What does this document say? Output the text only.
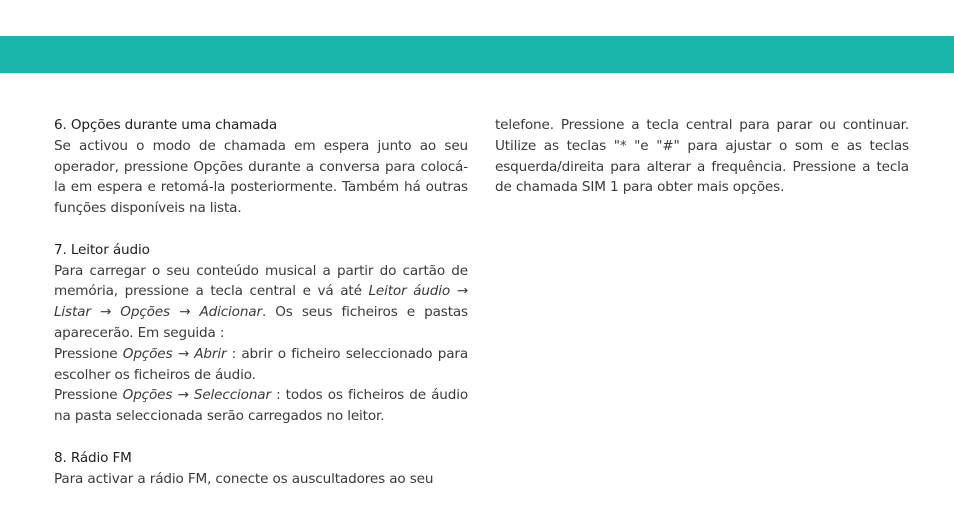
6. Opções durante uma chamada

Se activou o modo de chamada em espera junto ao seu operador, pressione Opções durante a conversa para colocá-la em espera e retomá-la posteriormente. Também há outras funções disponíveis na lista.

7. Leitor áudio

Para carregar o seu conteúdo musical a partir do cartão de memória, pressione a tecla central e vá até Leitor áudio → Listar → Opções → Adicionar. Os seus ficheiros e pastas aparecerão. Em seguida :

Pressione Opções → Abrir : abrir o ficheiro seleccionado para escolher os ficheiros de áudio.

Pressione Opções → Seleccionar : todos os ficheiros de áudio na pasta seleccionada serão carregados no leitor.

8. Rádio FM

Para activar a rádio FM, conecte os auscultadores ao seu

telefone. Pressione a tecla central para parar ou continuar. Utilize as teclas "* "e "#" para ajustar o som e as teclas esquerda/direita para alterar a frequência. Pressione a tecla de chamada SIM 1 para obter mais opções.
